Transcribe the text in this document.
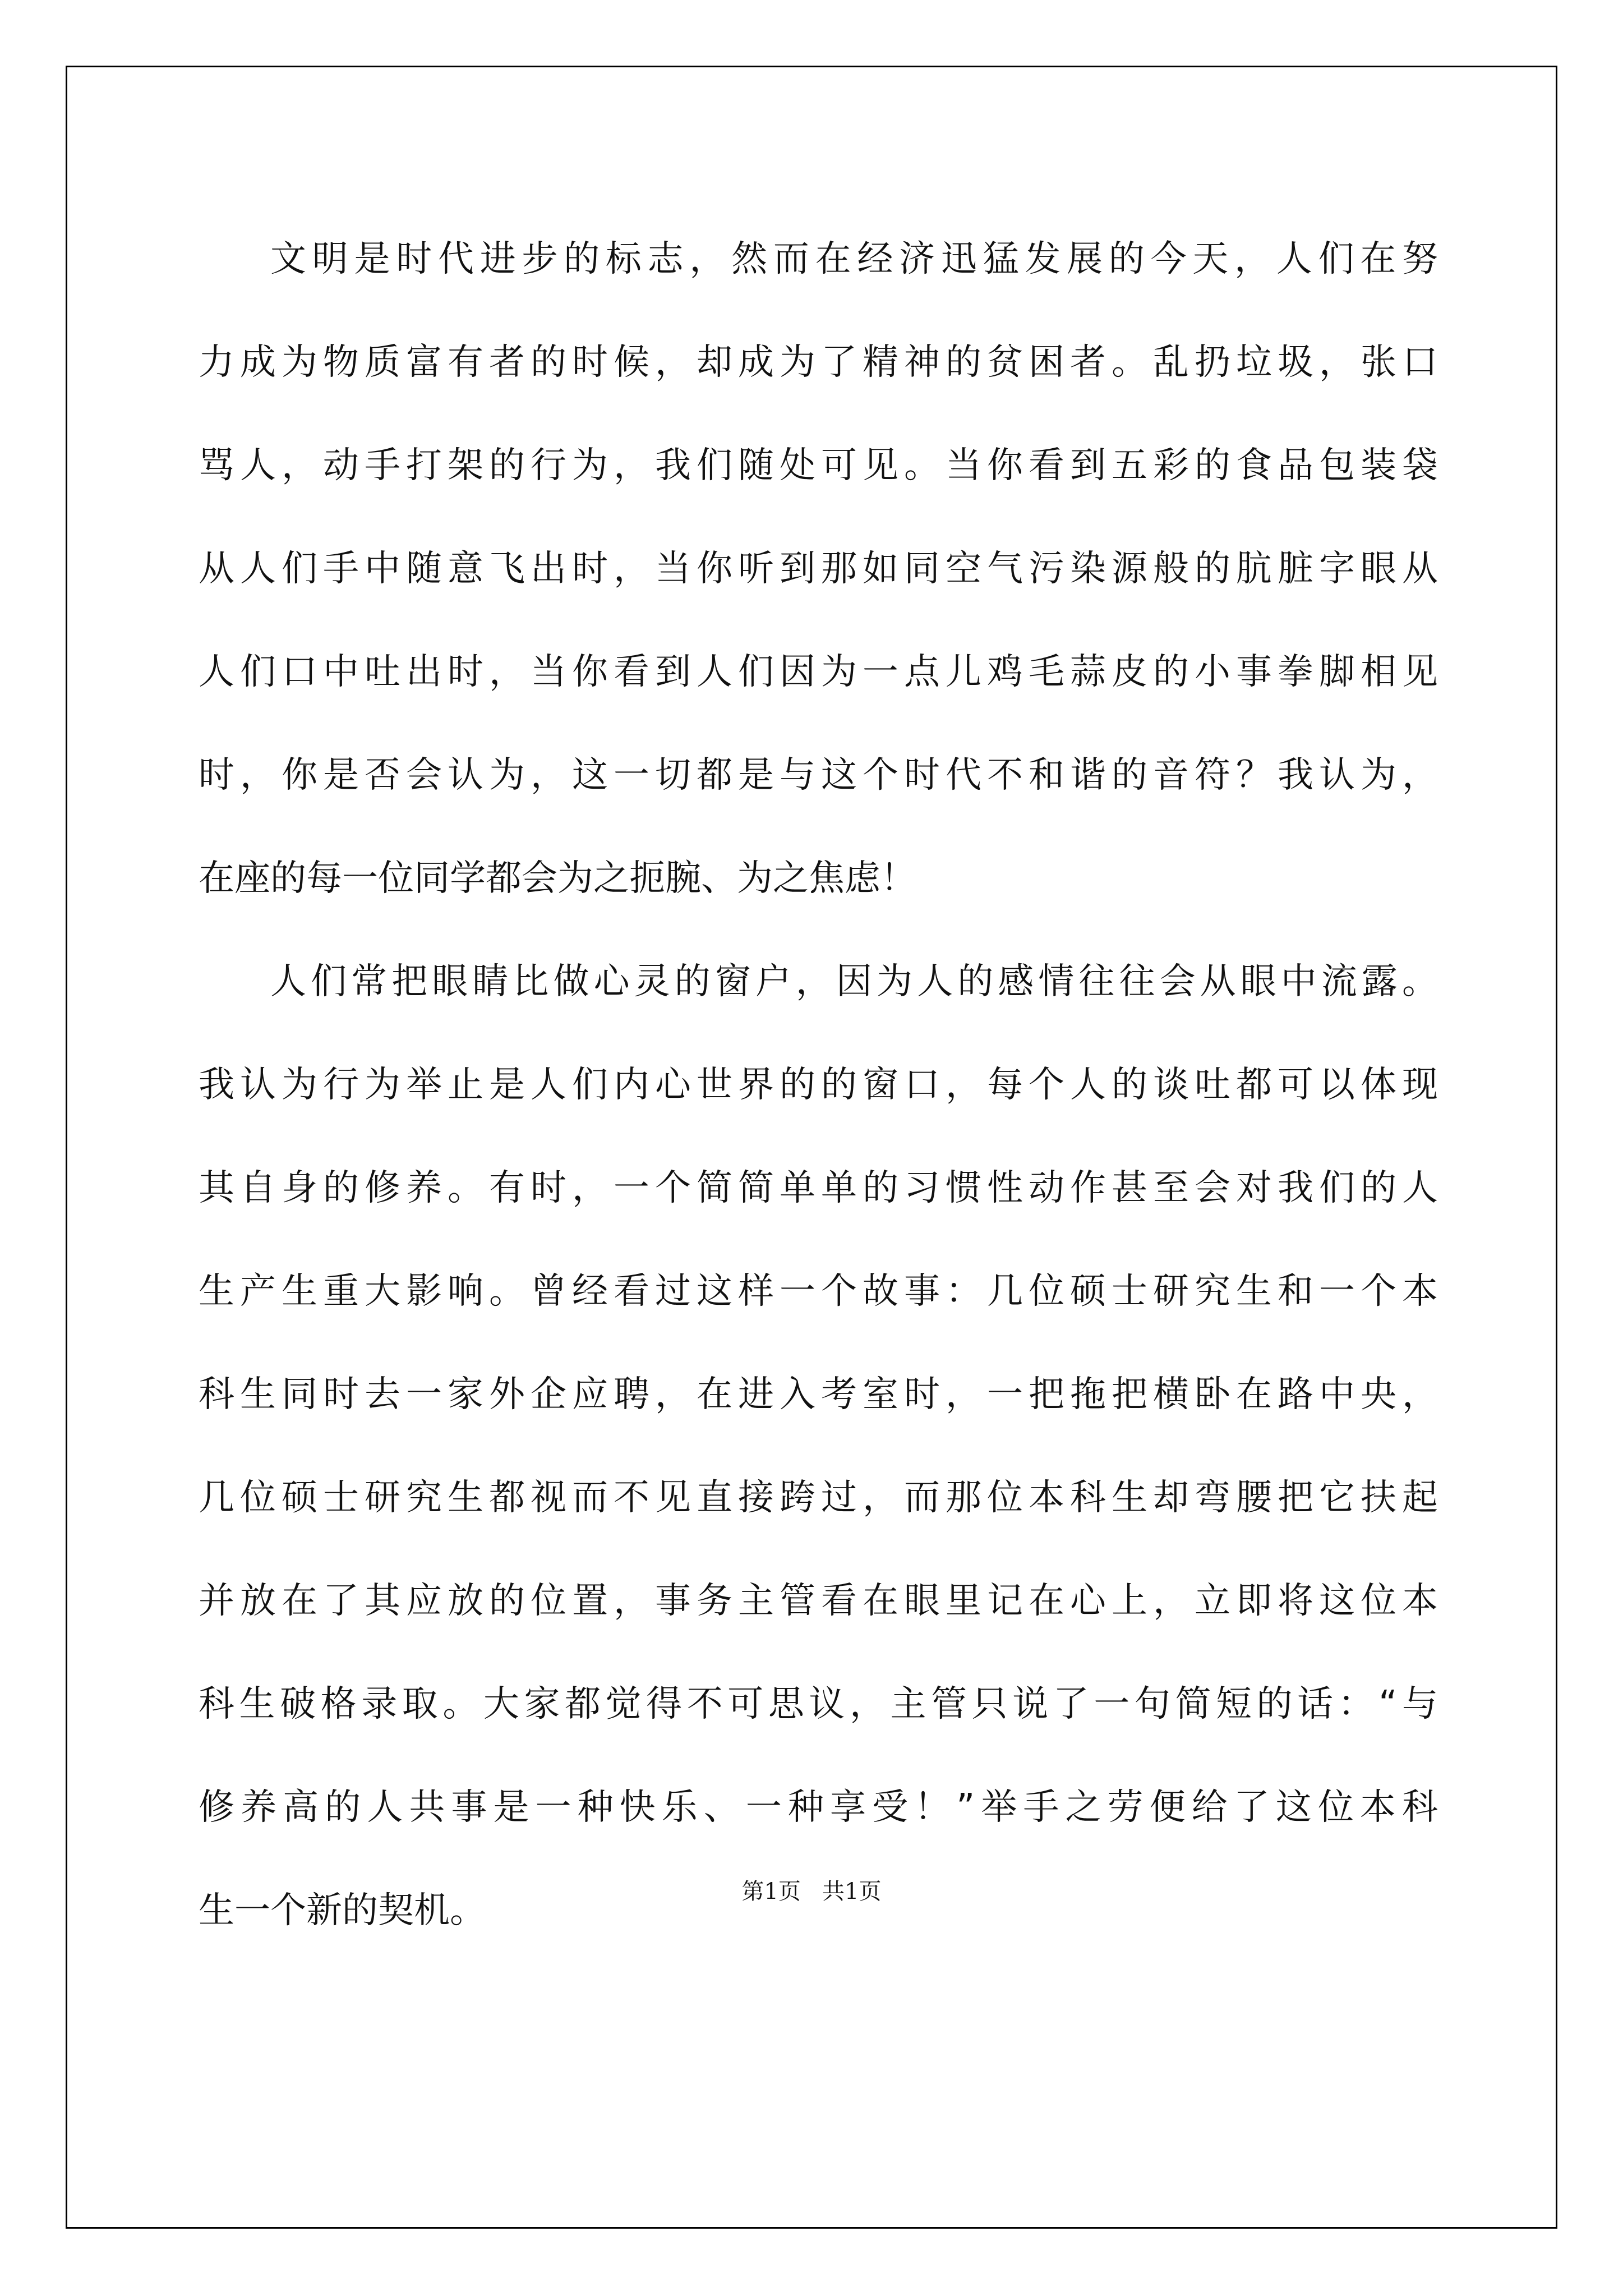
文明是时代进步的标志，然而在经济迅猛发展的今天，人们在努
力成为物质富有者的时候，却成为了精神的贫困者。乱扔垃圾，张口
骂人，动手打架的行为，我们随处可见。当你看到五彩的食品包装袋
从人们手中随意飞出时，当你听到那如同空气污染源般的肮脏字眼从
人们口中吐出时，当你看到人们因为一点儿鸡毛蒜皮的小事拳脚相见
时，你是否会认为，这一切都是与这个时代不和谐的音符？我认为，
在座的每一位同学都会为之扼腕、为之焦虑！

人们常把眼睛比做心灵的窗户，因为人的感情往往会从眼中流露。
我认为行为举止是人们内心世界的的窗口，每个人的谈吐都可以体现
其自身的修养。有时，一个简简单单的习惯性动作甚至会对我们的人
生产生重大影响。曾经看过这样一个故事：几位硕士研究生和一个本
科生同时去一家外企应聘，在进入考室时，一把拖把横卧在路中央，
几位硕士研究生都视而不见直接跨过，而那位本科生却弯腰把它扶起
并放在了其应放的位置，事务主管看在眼里记在心上，立即将这位本
科生破格录取。大家都觉得不可思议，主管只说了一句简短的话：“与
修养高的人共事是一种快乐、一种享受！”举手之劳便给了这位本科
生一个新的契机。	第1页   共1页
